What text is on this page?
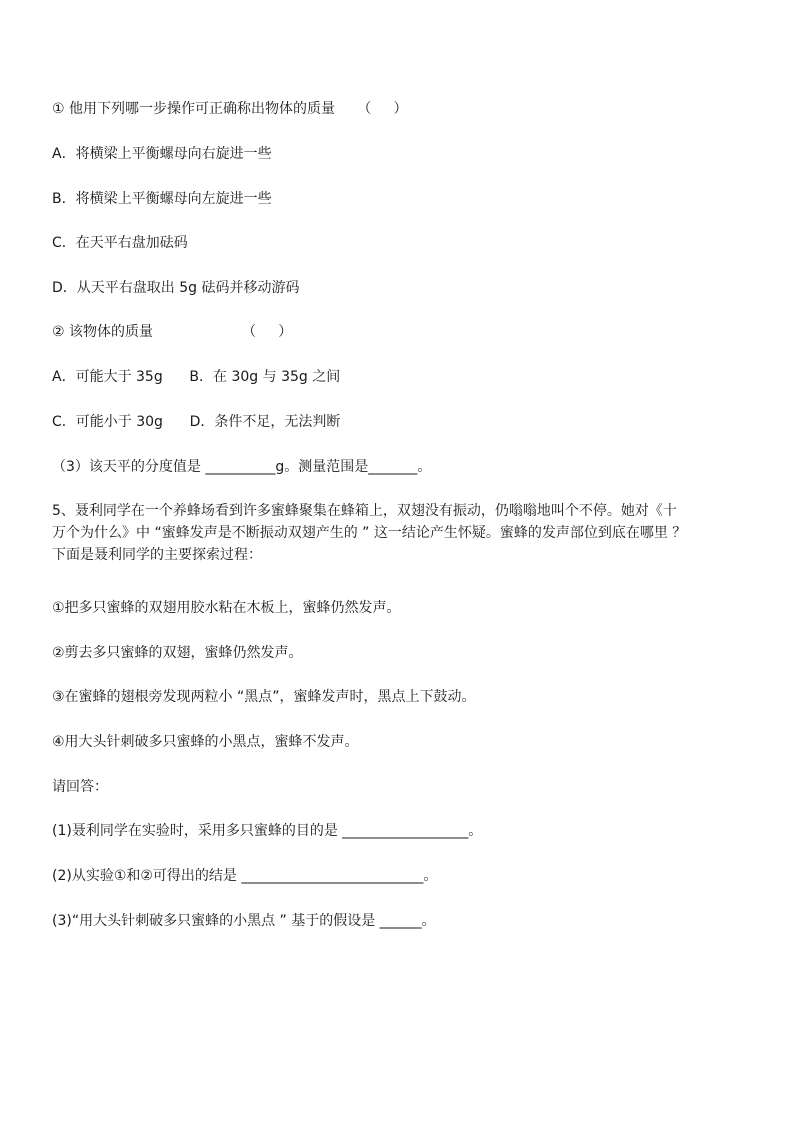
① 他用下列哪一步操作可正确称出物体的质量     （     ）
A．将横梁上平衡螺母向右旋进一些
B．将横梁上平衡螺母向左旋进一些
C．在天平右盘加砝码
D．从天平右盘取出 5g 砝码并移动游码
② 该物体的质量                    （     ）
A．可能大于 35g      B．在 30g 与 35g 之间
C．可能小于 30g      D．条件不足，无法判断
（3）该天平的分度值是 __________g。测量范围是_______。
5、聂利同学在一个养蜂场看到许多蜜蜂聚集在蜂箱上，双翅没有振动，仍嗡嗡地叫个不停。她对《十
万个为什么》中 “蜜蜂发声是不断振动双翅产生的 ” 这一结论产生怀疑。蜜蜂的发声部位到底在哪里 ？
下面是聂利同学的主要探索过程：
①把多只蜜蜂的双翅用胶水粘在木板上，蜜蜂仍然发声。
②剪去多只蜜蜂的双翅，蜜蜂仍然发声。
③在蜜蜂的翅根旁发现两粒小 “黑点”，蜜蜂发声时，黑点上下鼓动。
④用大头针刺破多只蜜蜂的小黑点，蜜蜂不发声。
请回答：
(1)聂利同学在实验时，采用多只蜜蜂的目的是 __________________。
(2)从实验①和②可得出的结是 __________________________。
(3)“用大头针刺破多只蜜蜂的小黑点 ” 基于的假设是 ______。
